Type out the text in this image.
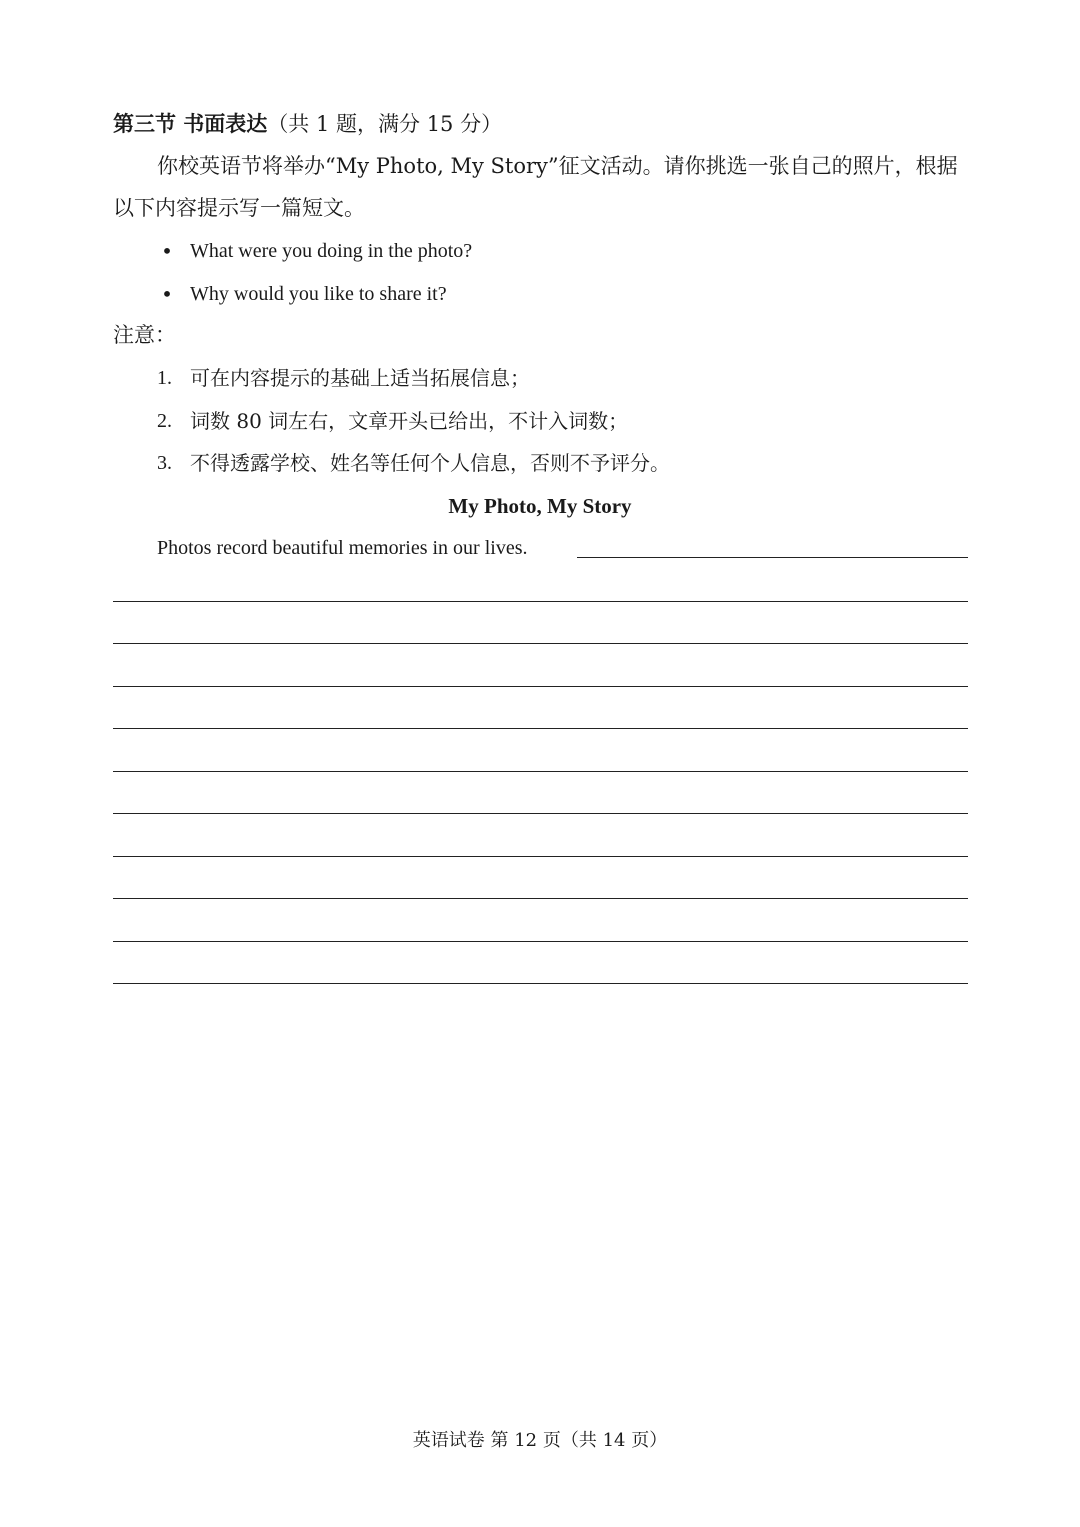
第三节 书面表达（共 1 题，满分 15 分）
你校英语节将举办“My Photo, My Story”征文活动。请你挑选一张自己的照片，根据
以下内容提示写一篇短文。
• What were you doing in the photo?
• Why would you like to share it?
注意：
1. 可在内容提示的基础上适当拓展信息；
2. 词数 80 词左右，文章开头已给出，不计入词数；
3. 不得透露学校、姓名等任何个人信息，否则不予评分。
My Photo, My Story
Photos record beautiful memories in our lives.
英语试卷 第 12 页（共 14 页）
